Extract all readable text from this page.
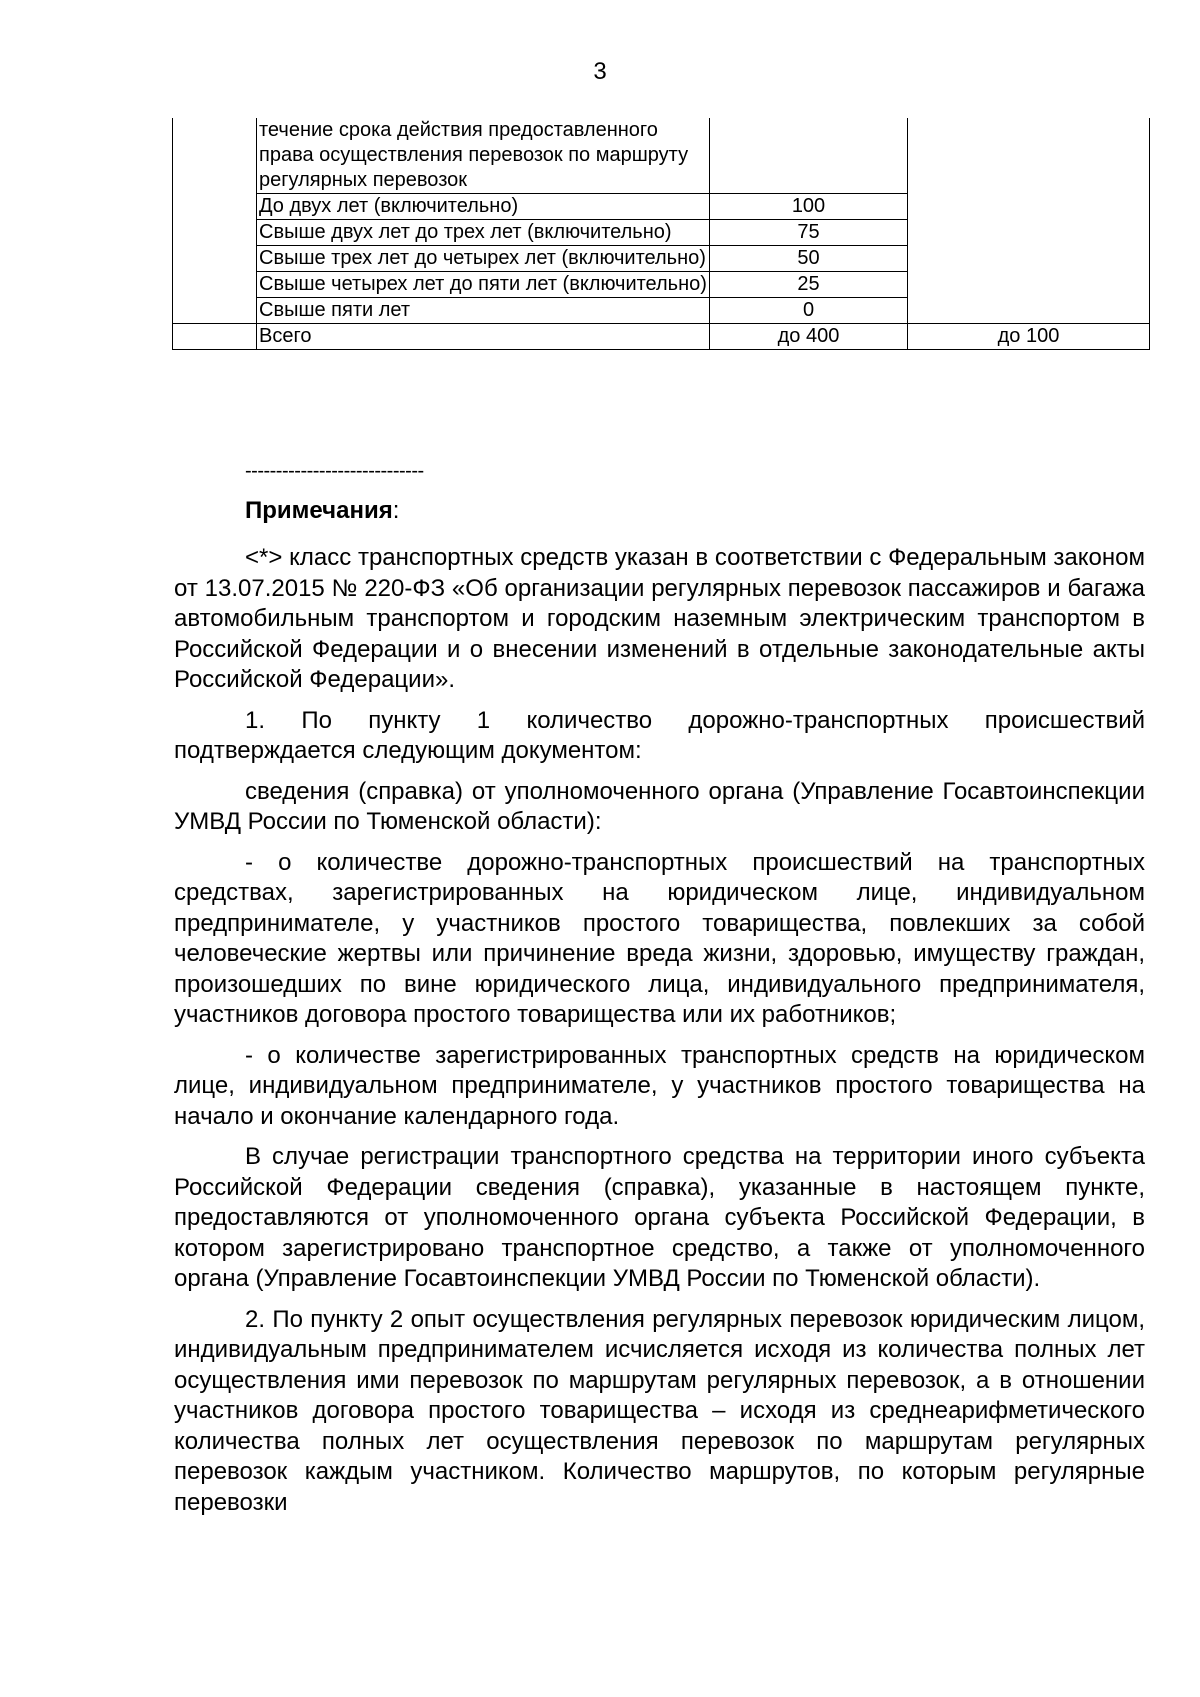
3
	течение срока действия предоставленного права осуществления перевозок по маршруту регулярных перевозок		
	До двух лет (включительно)	100	
	Свыше двух лет до трех лет (включительно)	75	
	Свыше трех лет до четырех лет (включительно)	50	
	Свыше четырех лет до пяти лет (включительно)	25	
	Свыше пяти лет	0	
	Всего	до 400	до 100
-----------------------------
Примечания:

<*> класс транспортных средств указан в соответствии с Федеральным законом от 13.07.2015 № 220-ФЗ «Об организации регулярных перевозок пассажиров и багажа автомобильным транспортом и городским наземным электрическим транспортом в Российской Федерации и о внесении изменений в отдельные законодательные акты Российской Федерации».

1. По пункту 1 количество дорожно-транспортных происшествий подтверждается следующим документом:

сведения (справка) от уполномоченного органа (Управление Госавтоинспекции УМВД России по Тюменской области):

- о количестве дорожно-транспортных происшествий на транспортных средствах, зарегистрированных на юридическом лице, индивидуальном предпринимателе, у участников простого товарищества, повлекших за собой человеческие жертвы или причинение вреда жизни, здоровью, имуществу граждан, произошедших по вине юридического лица, индивидуального предпринимателя, участников договора простого товарищества или их работников;

- о количестве зарегистрированных транспортных средств на юридическом лице, индивидуальном предпринимателе, у участников простого товарищества на начало и окончание календарного года.

В случае регистрации транспортного средства на территории иного субъекта Российской Федерации сведения (справка), указанные в настоящем пункте, предоставляются от уполномоченного органа субъекта Российской Федерации, в котором зарегистрировано транспортное средство, а также от уполномоченного органа (Управление Госавтоинспекции УМВД России по Тюменской области).

2. По пункту 2 опыт осуществления регулярных перевозок юридическим лицом, индивидуальным предпринимателем исчисляется исходя из количества полных лет осуществления ими перевозок по маршрутам регулярных перевозок, а в отношении участников договора простого товарищества – исходя из среднеарифметического количества полных лет осуществления перевозок по маршрутам регулярных перевозок каждым участником. Количество маршрутов, по которым регулярные перевозки
